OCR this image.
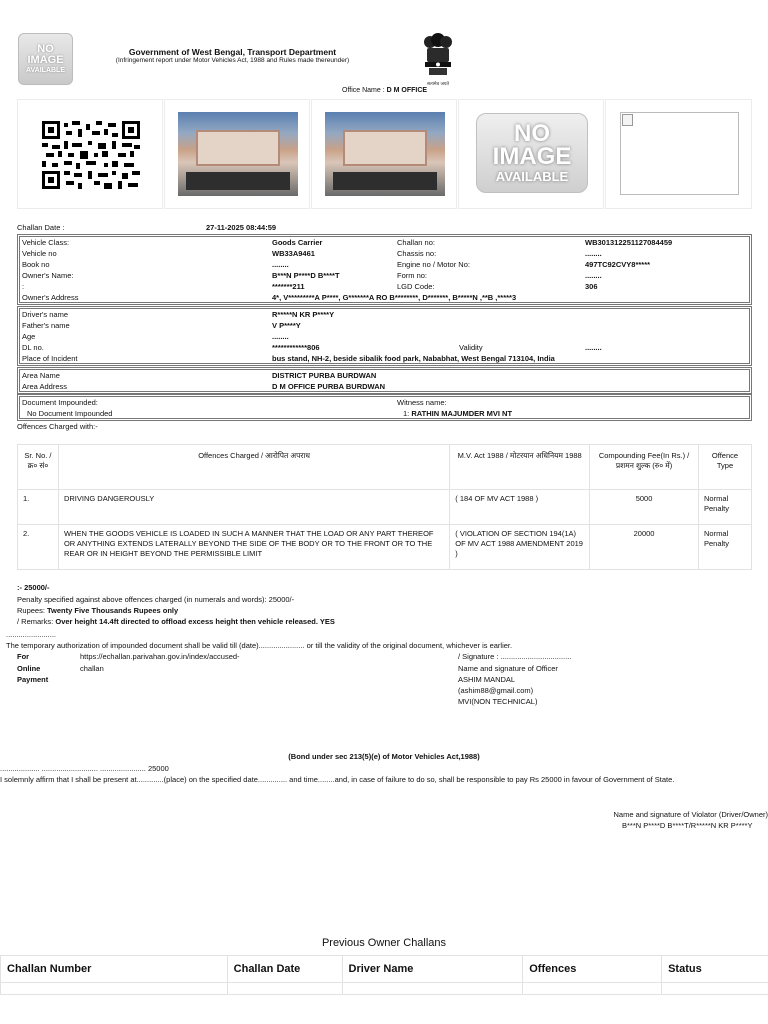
NO
IMAGE
AVAILABLE
Government of West Bengal, Transport Department
(Infringement report under Motor Vehicles Act, 1988 and Rules made thereunder)
सत्यमेव जयते
Office Name : D M OFFICE
NO
IMAGE
AVAILABLE
Challan Date :	27-11-2025 08:44:59
Vehicle Class:	Goods Carrier	Challan no:	WB301312251127084459
Vehicle no	WB33A9461	Chassis no:	........
Book no	........	Engine no / Motor No:	497TC92CVY8*****
Owner's Name:	B***N P****D B****T	Form no:	........
:	*******211	LGD Code:	306
Owner's Address	4*, V*********A P****, G*******A RO B********, D*******, B*****N ,**B ,*****3
Driver's name	R*****N KR P****Y
Father's name	V P****Y
Age	........
DL no.	************806	Validity	........
Place of Incident	bus stand, NH-2, beside sibalik food park, Nababhat, West Bengal 713104, India
Area Name	DISTRICT PURBA BURDWAN
Area Address	D M OFFICE PURBA BURDWAN
Document Impounded:
No Document Impounded
Witness name:
1: RATHIN MAJUMDER MVI NT
Offences Charged with:-
Sr. No. / क्र० सं०	Offences Charged / आरोपित अपराध	M.V. Act 1988 / मोटरयान अधिनियम 1988	Compounding Fee(In Rs.) / प्रशमन शुल्क (रु० में)	Offence Type
1.	DRIVING DANGEROUSLY	( 184 OF MV ACT 1988 )	5000	Normal Penalty
2.	WHEN THE GOODS VEHICLE IS LOADED IN SUCH A MANNER THAT THE LOAD OR ANY PART THEREOF OR ANYTHING EXTENDS LATERALLY BEYOND THE SIDE OF THE BODY OR TO THE FRONT OR TO THE REAR OR IN HEIGHT BEYOND THE PERMISSIBLE LIMIT	( VIOLATION OF SECTION 194(1A) OF MV ACT 1988 AMENDMENT 2019 )	20000	Normal Penalty
:- 25000/-
Penalty specified against above offences charged (in numerals and words): 25000/-
Rupees: Twenty Five Thousands Rupees only
/ Remarks: Over height 14.4ft directed to offload excess height then vehicle released. YES
........................
The temporary authorization of impounded document shall be valid till (date)...................... or till the validity of the original document, whichever is earlier.
For
Online
Payment
https://echallan.parivahan.gov.in/index/accused-
challan
/ Signature : ..................................
Name and signature of Officer
ASHIM MANDAL
(ashim88@gmail.com)
MVI(NON TECHNICAL)
(Bond under sec 213(5)(e) of Motor Vehicles Act,1988)
................... ........................... ...................... 25000
I solemnly affirm that I shall be present at.............(place) on the specified date.............. and time........and, in case of failure to do so, shall be responsible to pay Rs 25000 in favour of Government of State.
Name and signature of Violator (Driver/Owner)
B***N P****D B****T/R*****N KR P****Y
Previous Owner Challans
Challan Number	Challan Date	Driver Name	Offences	Status
